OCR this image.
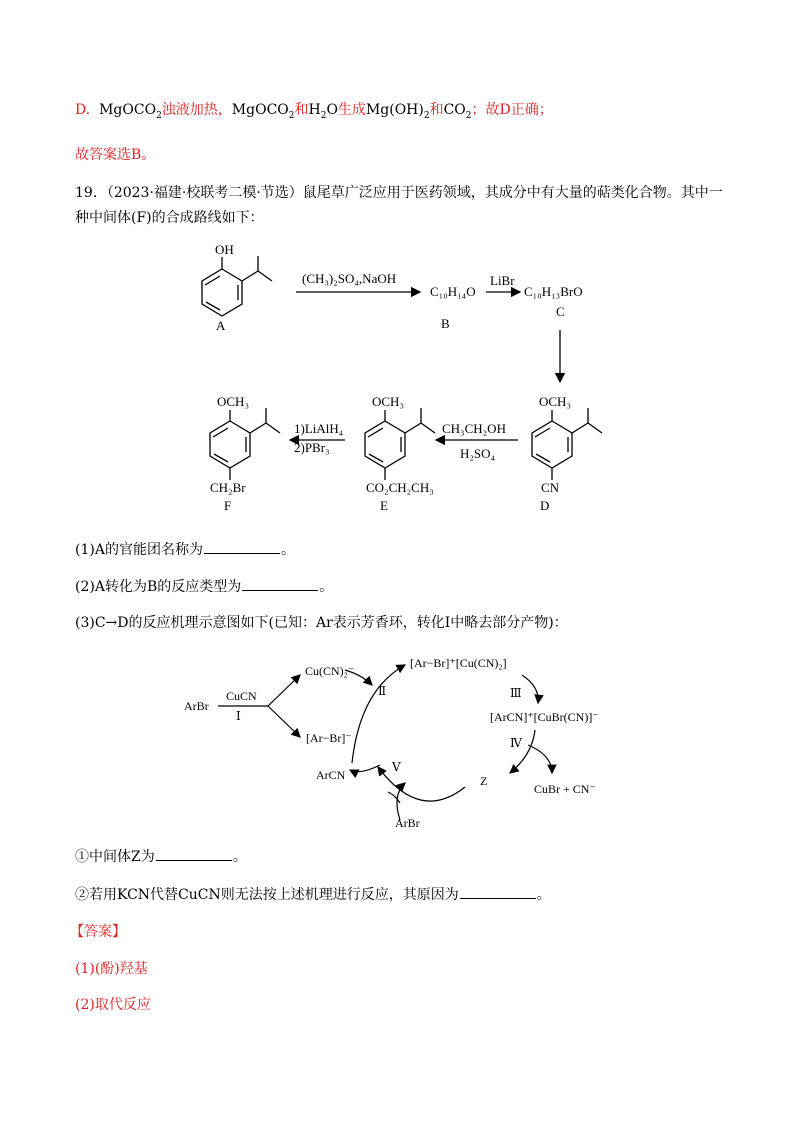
D. MgOCO$_2$浊液加热，MgOCO$_2$和$H_2O$生成$Mg(OH)_2$和$CO_2$；故D正确；
故答案选B。
19．（2023·福建·校联考二模·节选）鼠尾草广泛应用于医药领域，其成分中有大量的萜类化合物。其中一
种中间体(F)的合成路线如下：
OH
A
(CH₃)₂SO₄,NaOH
C₁₀H₁₄O
B
LiBr
C₁₀H₁₃BrO
C
OCH₃
CN
D
CH₃CH₂OH
H₂SO₄
OCH₃
CO₂CH₂CH₃
E
1)LiAlH₄
2)PBr₃
OCH₃
CH₂Br
F
(1)A的官能团名称为	。
(2)A转化为B的反应类型为	。
(3)C→D的反应机理示意图如下(已知：Ar表示芳香环，转化Ⅰ中略去部分产物)：
ArBr
CuCN
Ⅰ
Cu(CN)₂⁻
Ⅱ
[Ar−Br]⁺[Cu(CN)₂]
Ⅲ
[ArCN]⁺[CuBr(CN)]⁻
Ⅳ
Z
CuBr + CN⁻
[Ar−Br]⁻
Ⅴ
ArCN
ArBr
①中间体Z为	。
②若用KCN代替CuCN则无法按上述机理进行反应，其原因为	。
【答案】
(1)(酚)羟基
(2)取代反应
